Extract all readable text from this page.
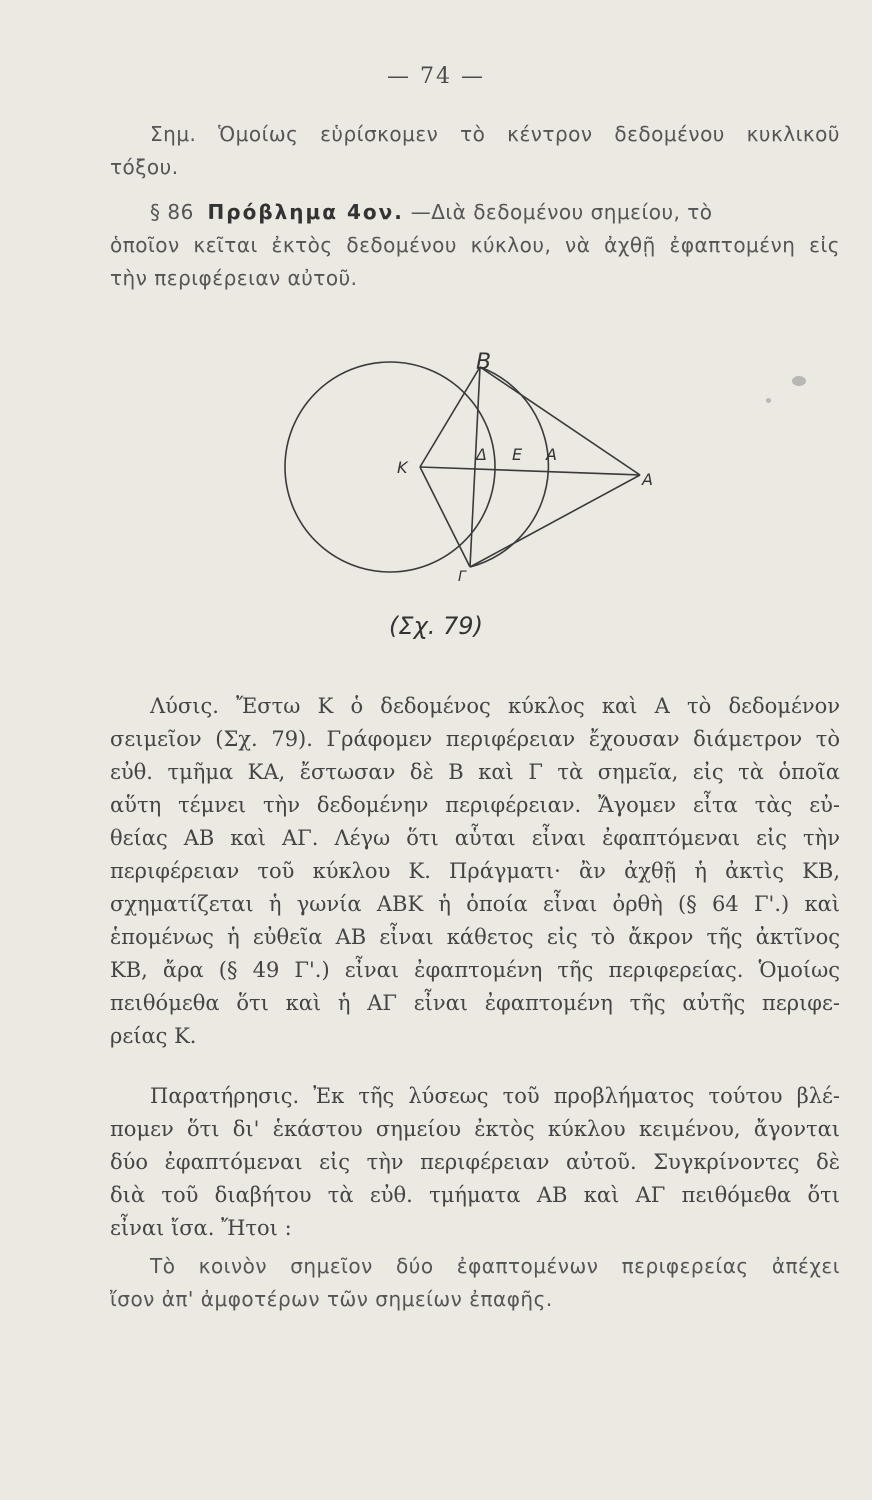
— 74 —
Σημ. Ὁμοίως εὑρίσκομεν τὸ κέντρον δεδομένου κυκλικοῦ
τόξου.
§ 86 Πρόβλημα 4ον. —Διὰ δεδομένου σημείου, τὸ
ὁποῖον κεῖται ἐκτὸς δεδομένου κύκλου, νὰ ἀχθῇ ἐφαπτομένη εἰς
τὴν περιφέρειαν αὐτοῦ.
Β
Κ
Δ Ε Α
Α
Γ
(Σχ. 79)
Λύσις. Ἔστω Κ ὁ δεδομένος κύκλος καὶ Α τὸ δεδομένον
σειμεῖον (Σχ. 79). Γράφομεν περιφέρειαν ἔχουσαν διάμετρον τὸ
εὐθ. τμῆμα ΚΑ, ἔστωσαν δὲ Β καὶ Γ τὰ σημεῖα, εἰς τὰ ὁποῖα
αὕτη τέμνει τὴν δεδομένην περιφέρειαν. Ἄγομεν εἶτα τὰς εὐ-
θείας ΑΒ καὶ ΑΓ. Λέγω ὅτι αὗται εἶναι ἐφαπτόμεναι εἰς τὴν
περιφέρειαν τοῦ κύκλου Κ. Πράγματι· ἂν ἀχθῇ ἡ ἀκτὶς ΚΒ,
σχηματίζεται ἡ γωνία ΑΒΚ ἡ ὁποία εἶναι ὀρθὴ (§ 64 Γ'.) καὶ
ἑπομένως ἡ εὐθεῖα ΑΒ εἶναι κάθετος εἰς τὸ ἄκρον τῆς ἀκτῖνος
ΚΒ, ἄρα (§ 49 Γ'.) εἶναι ἐφαπτομένη τῆς περιφερείας. Ὁμοίως
πειθόμεθα ὅτι καὶ ἡ ΑΓ εἶναι ἐφαπτομένη τῆς αὐτῆς περιφε-
ρείας Κ.
Παρατήρησις. Ἐκ τῆς λύσεως τοῦ προβλήματος τούτου βλέ-
πομεν ὅτι δι' ἑκάστου σημείου ἐκτὸς κύκλου κειμένου, ἄγονται
δύο ἐφαπτόμεναι εἰς τὴν περιφέρειαν αὐτοῦ. Συγκρίνοντες δὲ
διὰ τοῦ διαβήτου τὰ εὐθ. τμήματα ΑΒ καὶ ΑΓ πειθόμεθα ὅτι
εἶναι ἴσα. Ἤτοι :
Τὸ κοινὸν σημεῖον δύο ἐφαπτομένων περιφερείας ἀπέχει
ἴσον ἀπ' ἀμφοτέρων τῶν σημείων ἐπαφῆς.
